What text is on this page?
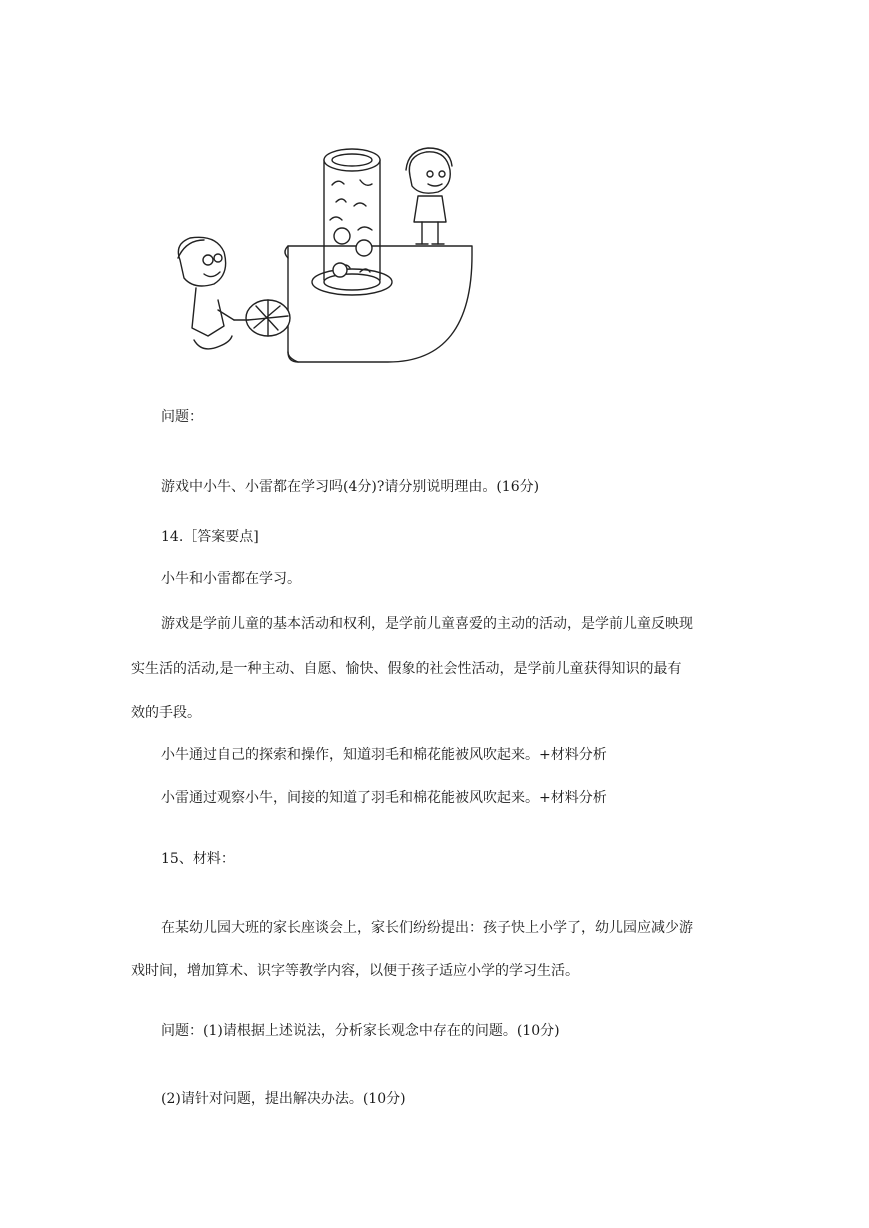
问题：
游戏中小牛、小雷都在学习吗(4分)?请分别说明理由。(16分)
14.［答案要点]
小牛和小雷都在学习。
游戏是学前儿童的基本活动和权利，是学前儿童喜爱的主动的活动，是学前儿童反映现
实生活的活动,是一种主动、自愿、愉快、假象的社会性活动，是学前儿童获得知识的最有
效的手段。
小牛通过自己的探索和操作，知道羽毛和棉花能被风吹起来。+材料分析
小雷通过观察小牛，间接的知道了羽毛和棉花能被风吹起来。+材料分析
15、材料：
在某幼儿园大班的家长座谈会上，家长们纷纷提出：孩子快上小学了，幼儿园应减少游
戏时间，增加算术、识字等教学内容，以便于孩子适应小学的学习生活。
问题：(1)请根据上述说法，分析家长观念中存在的问题。(10分)
(2)请针对问题，提出解决办法。(10分)
